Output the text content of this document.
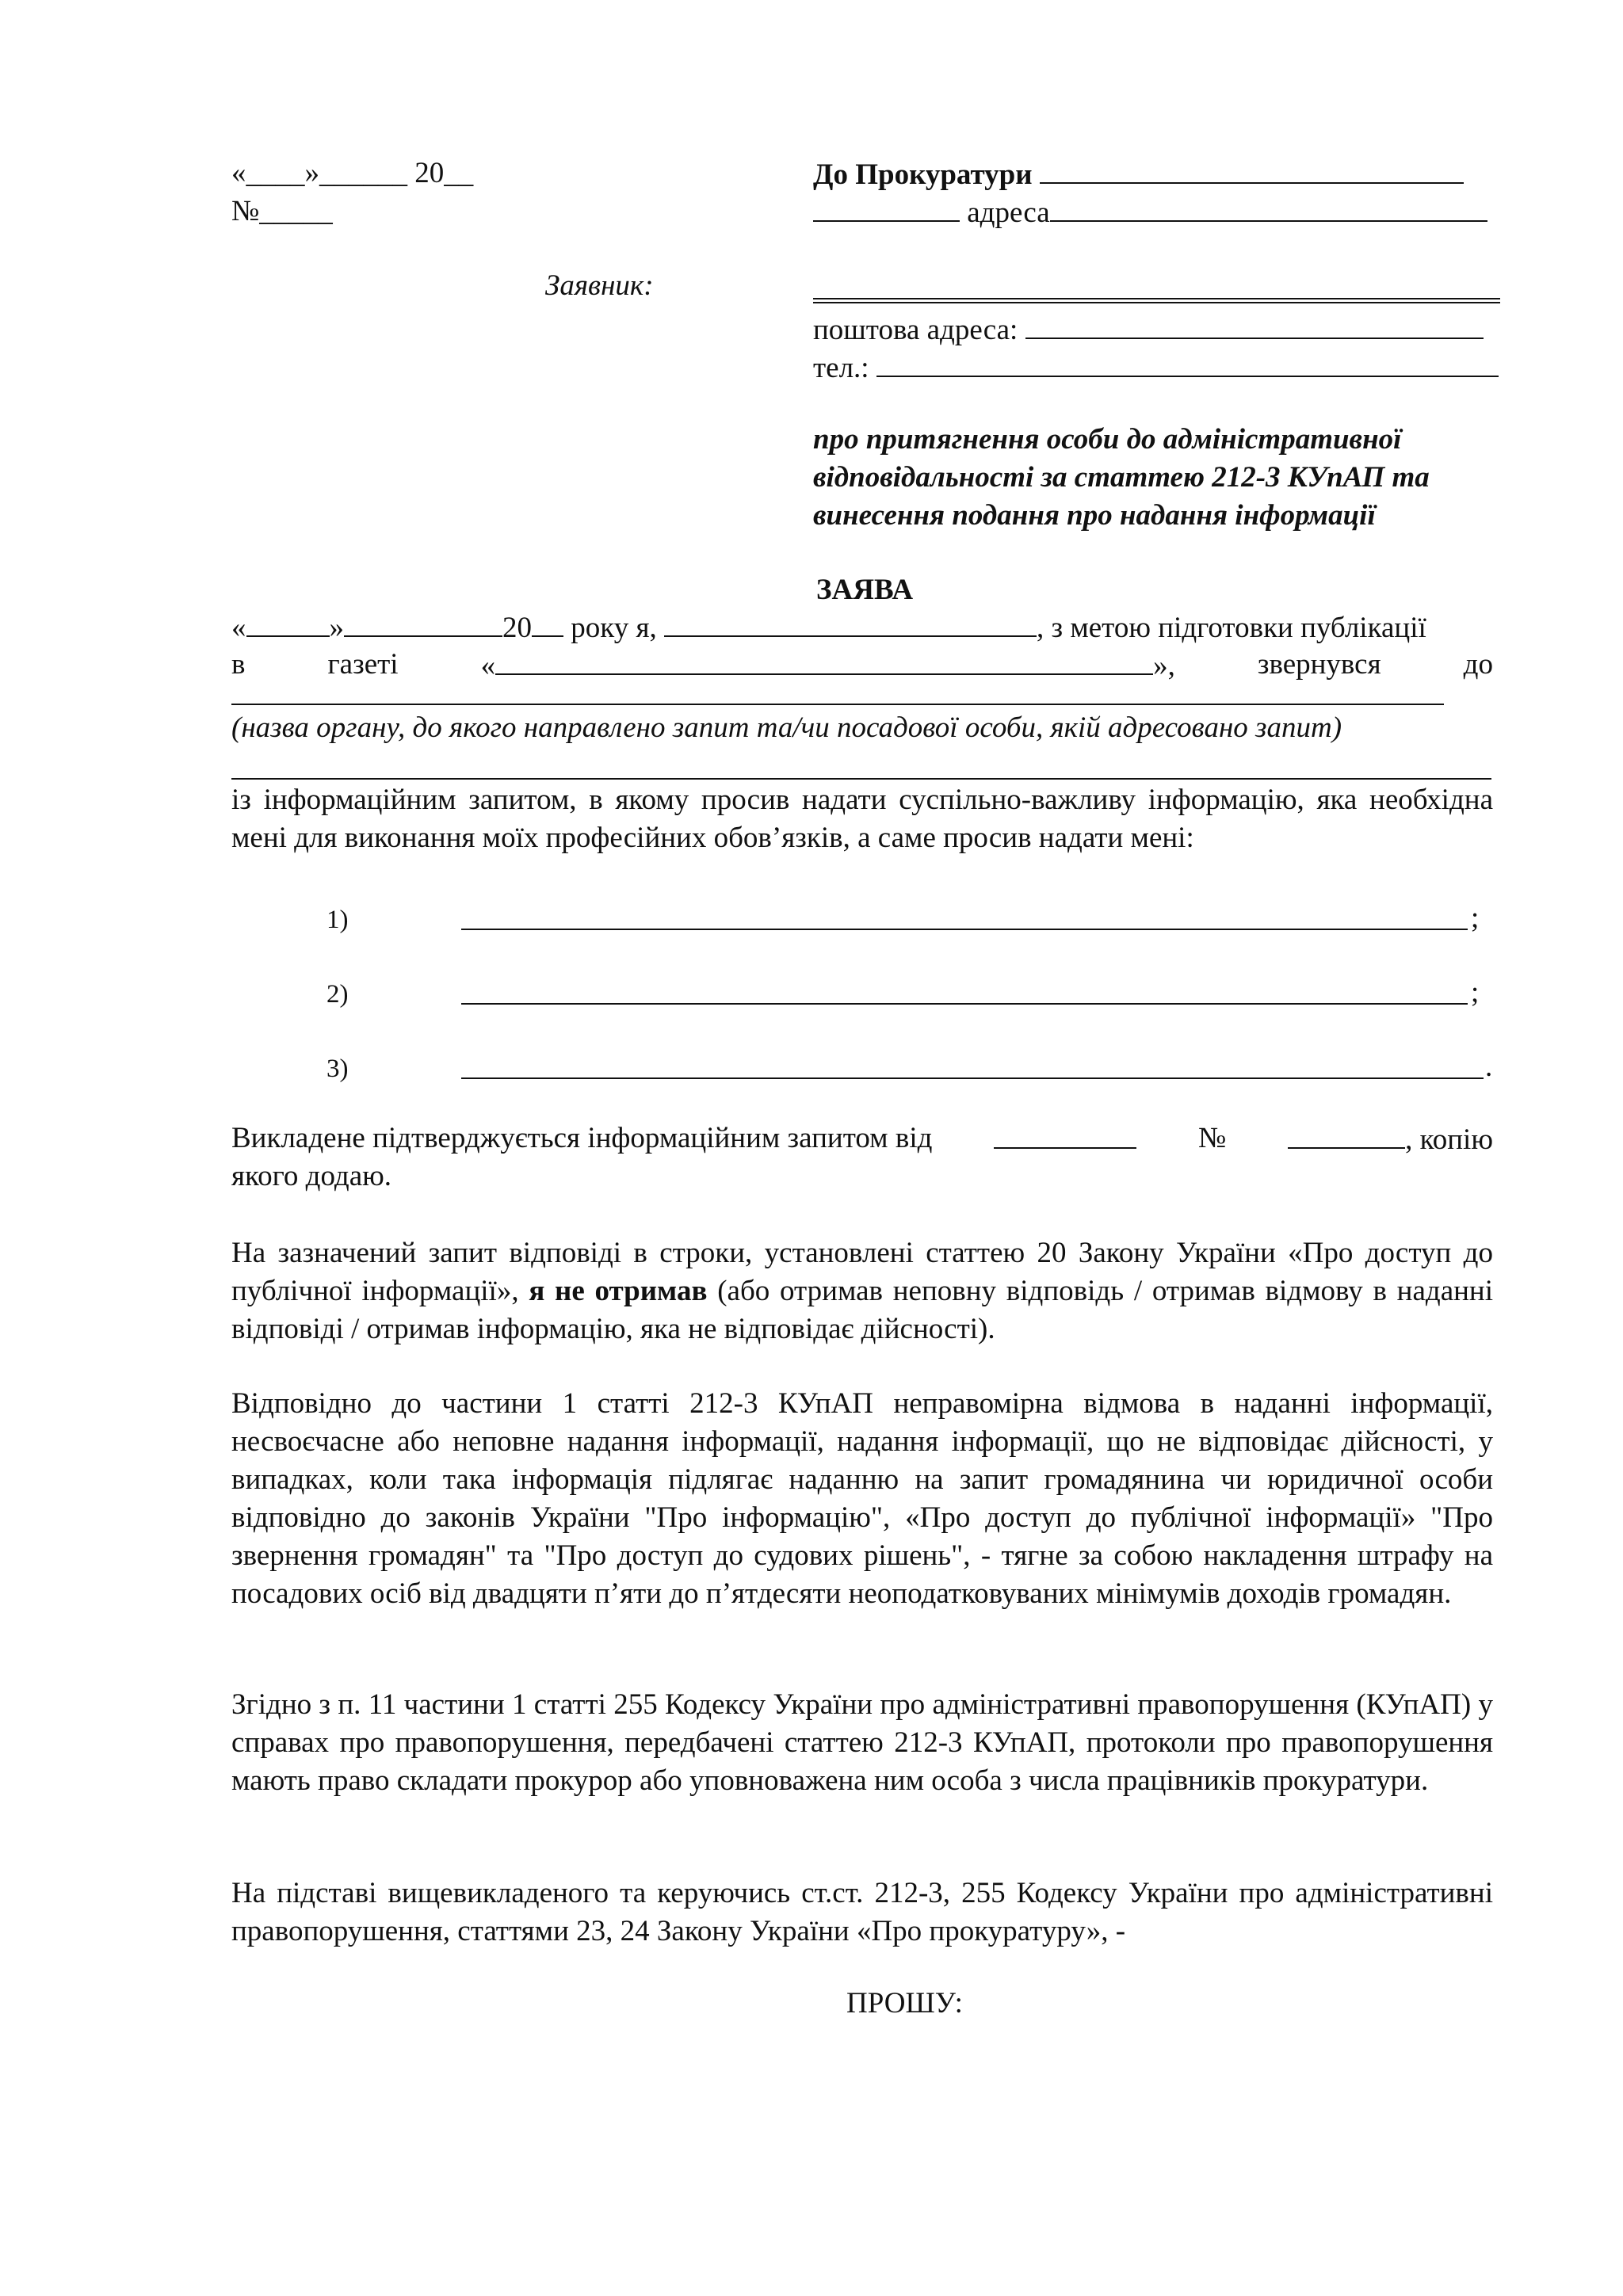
«____»______ 20__
№_____
Заявник:
До Прокуратури
адреса
поштова адреса:
тел.:
про притягнення особи до адміністративної
відповідальності за статтею 212-3 КУпАП та
винесення подання про надання інформації
ЗАЯВА
«	»	20 року я,	, з метою підготовки публікації
в	газеті	«	»,	звернувся	до
(назва органу, до якого направлено запит та/чи посадової особи, якій адресовано запит)
із інформаційним запитом, в якому просив надати суспільно-важливу інформацію, яка необхідна мені для виконання моїх професійних обов’язків, а саме просив надати мені:
1)	;
2)	;
3)	.
Викладене підтверджується інформаційним запитом від	№	, копію
якого додаю.
На зазначений запит відповіді в строки, установлені статтею 20 Закону України «Про доступ до публічної інформації», я не отримав (або отримав неповну відповідь / отримав відмову в наданні відповіді / отримав інформацію, яка не відповідає дійсності).
Відповідно до частини 1 статті 212-3 КУпАП неправомірна відмова в наданні інформації, несвоєчасне або неповне надання інформації, надання інформації, що не відповідає дійсності, у випадках, коли така інформація підлягає наданню на запит громадянина чи юридичної особи відповідно до законів України "Про інформацію", «Про доступ до публічної інформації» "Про звернення громадян" та "Про доступ до судових рішень", - тягне за собою накладення штрафу на посадових осіб від двадцяти п’яти до п’ятдесяти неоподатковуваних мінімумів доходів громадян.
Згідно з п. 11 частини 1 статті 255 Кодексу України про адміністративні правопорушення (КУпАП) у справах про правопорушення, передбачені статтею 212-3 КУпАП, протоколи про правопорушення мають право складати прокурор або уповноважена ним особа з числа працівників прокуратури.
На підставі вищевикладеного та керуючись ст.ст. 212-3, 255 Кодексу України про адміністративні правопорушення, статтями 23, 24 Закону України «Про прокуратуру», -
ПРОШУ:
